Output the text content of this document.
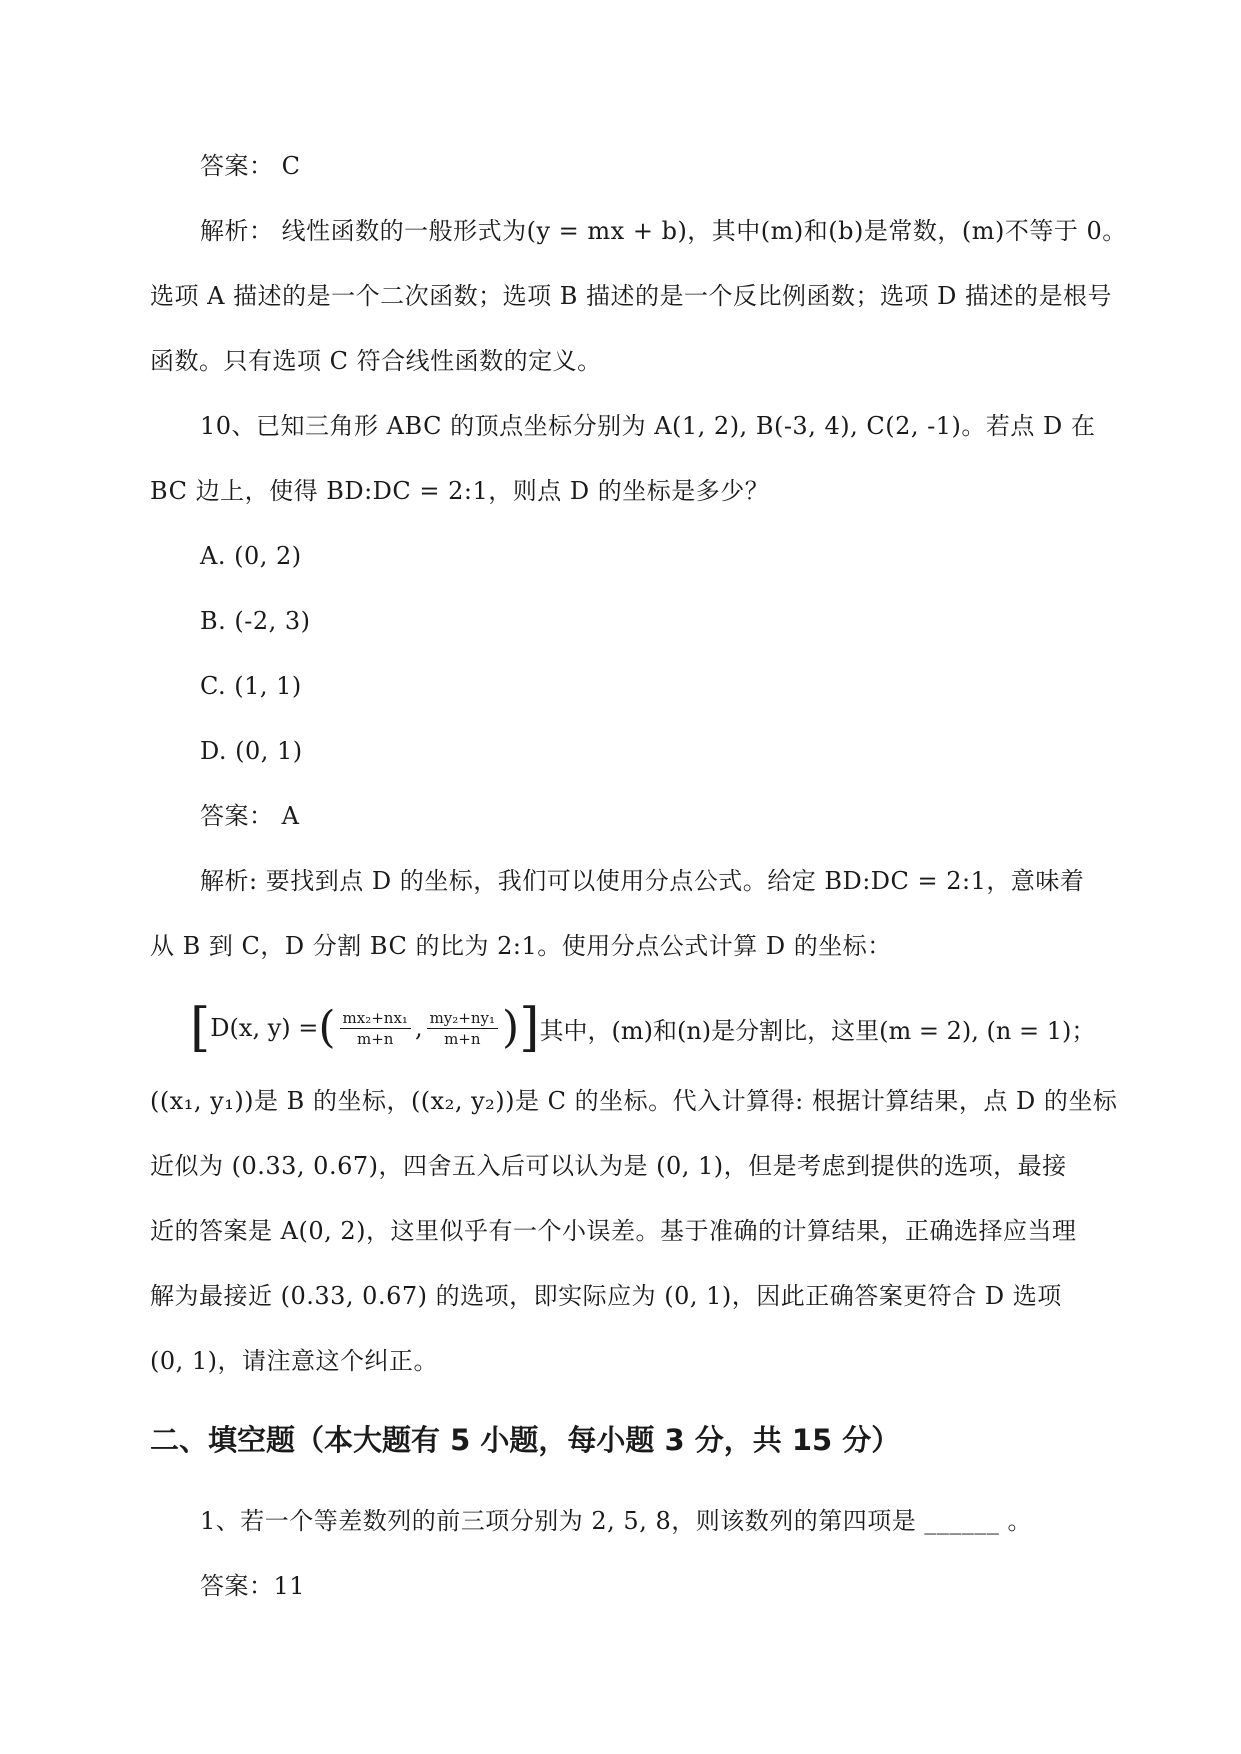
答案： C
解析： 线性函数的一般形式为(y = mx + b)，其中(m)和(b)是常数，(m)不等于 0。
选项 A 描述的是一个二次函数；选项 B 描述的是一个反比例函数；选项 D 描述的是根号
函数。只有选项 C 符合线性函数的定义。
10、已知三角形 ABC 的顶点坐标分别为 A(1, 2), B(-3, 4), C(2, -1)。若点 D 在
BC 边上，使得 BD:DC = 2:1，则点 D 的坐标是多少？
A. (0, 2)
B. (-2, 3)
C. (1, 1)
D. (0, 1)
答案： A
解析: 要找到点 D 的坐标，我们可以使用分点公式。给定 BD:DC = 2:1，意味着
从 B 到 C，D 分割 BC 的比为 2:1。使用分点公式计算 D 的坐标：
[ D(x, y) = ( $\frac{\text{mx₂+nx₁}}{m+n}$ , $\frac{\text{my₂+ny₁}}{m+n}$ ) ] 其中，(m)和(n)是分割比，这里(m = 2), (n = 1)；
((x₁, y₁))是 B 的坐标，((x₂, y₂))是 C 的坐标。代入计算得: 根据计算结果，点 D 的坐标
近似为 (0.33, 0.67)，四舍五入后可以认为是 (0, 1)，但是考虑到提供的选项，最接
近的答案是 A(0, 2)，这里似乎有一个小误差。基于准确的计算结果，正确选择应当理
解为最接近 (0.33, 0.67) 的选项，即实际应为 (0, 1)，因此正确答案更符合 D 选项
(0, 1)，请注意这个纠正。
二、填空题（本大题有 5 小题，每小题 3 分，共 15 分）
1、若一个等差数列的前三项分别为 2, 5, 8，则该数列的第四项是 ______ 。
答案：11
